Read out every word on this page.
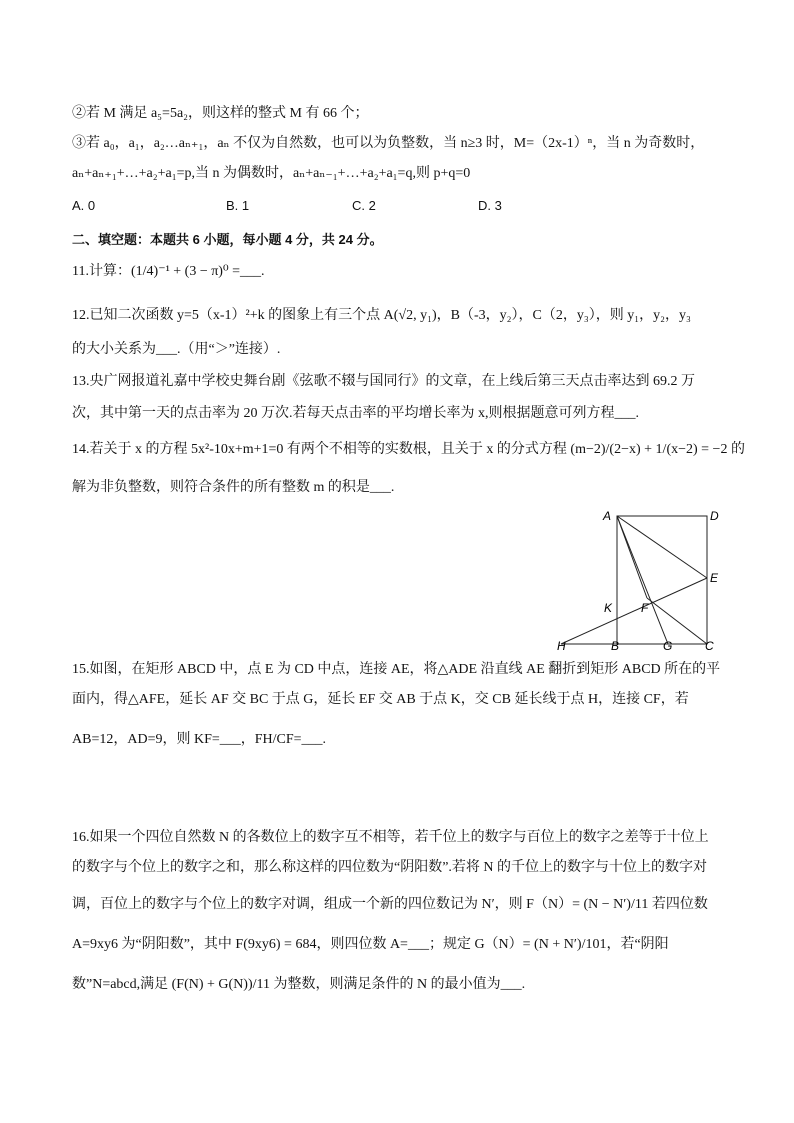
②若 M 满足 a₅=5a₂，则这样的整式 M 有 66 个；
③若 a₀，a₁，a₂…aₙ₊₁，aₙ 不仅为自然数，也可以为负整数，当 n≥3 时，M=（2x-1）ⁿ，当 n 为奇数时，
aₙ+aₙ₊₁+…+a₂+a₁=p,当 n 为偶数时，aₙ+aₙ₋₁+…+a₂+a₁=q,则 p+q=0
A. 0	B. 1	C. 2	D. 3
二、填空题：本题共 6 小题，每小题 4 分，共 24 分。
11.计算：(1/4)⁻¹ + (3 − π)⁰ =___.
12.已知二次函数 y=5（x-1）²+k 的图象上有三个点 A(√2, y₁)，B（-3，y₂），C（2，y₃），则 y₁，y₂，y₃
的大小关系为___.（用“＞”连接）.
13.央广网报道礼嘉中学校史舞台剧《弦歌不辍与国同行》的文章，在上线后第三天点击率达到 69.2 万
次，其中第一天的点击率为 20 万次.若每天点击率的平均增长率为 x,则根据题意可列方程___.
14.若关于 x 的方程 5x²-10x+m+1=0 有两个不相等的实数根，且关于 x 的分式方程 (m−2)/(2−x) + 1/(x−2) = −2 的
解为非负整数，则符合条件的所有整数 m 的积是___.
A	D
E
K F
H	B	G	C
15.如图，在矩形 ABCD 中，点 E 为 CD 中点，连接 AE，将△ADE 沿直线 AE 翻折到矩形 ABCD 所在的平
面内，得△AFE，延长 AF 交 BC 于点 G，延长 EF 交 AB 于点 K，交 CB 延长线于点 H，连接 CF，若
AB=12，AD=9，则 KF=___，FH/CF=___.
16.如果一个四位自然数 N 的各数位上的数字互不相等，若千位上的数字与百位上的数字之差等于十位上
的数字与个位上的数字之和，那么称这样的四位数为“阴阳数”.若将 N 的千位上的数字与十位上的数字对
调，百位上的数字与个位上的数字对调，组成一个新的四位数记为 N′，则 F（N）= (N − N′)/11 若四位数
A=9xy6 为“阴阳数”，其中 F(9xy6) = 684，则四位数 A=___；规定 G（N）= (N + N′)/101，若“阴阳
数”N=abcd,满足 (F(N) + G(N))/11 为整数，则满足条件的 N 的最小值为___.
